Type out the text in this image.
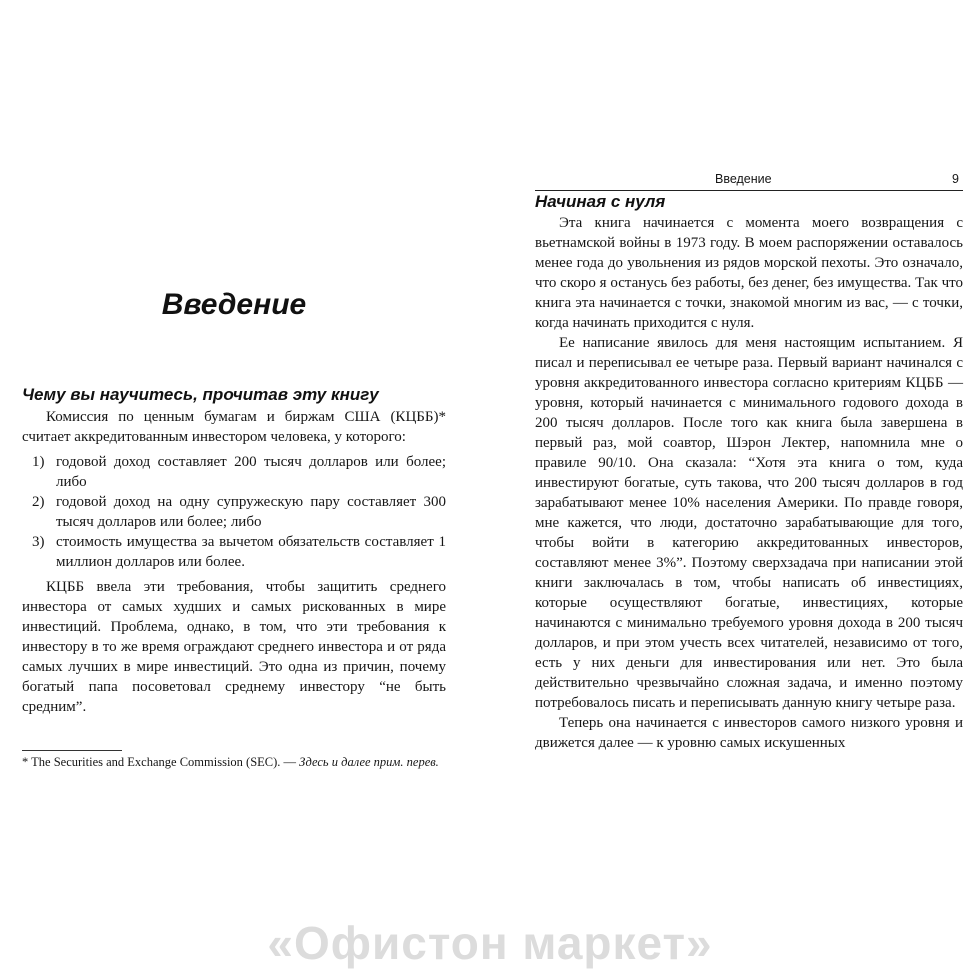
Введение
Чему вы научитесь, прочитав эту книгу

Комиссия по ценным бумагам и биржам США (КЦББ)* считает аккредитованным инвестором человека, у которого:

1) годовой доход составляет 200 тысяч долларов или более; либо
2) годовой доход на одну супружескую пару составляет 300 тысяч долларов или более; либо
3) стоимость имущества за вычетом обязательств составляет 1 миллион долларов или более.

КЦББ ввела эти требования, чтобы защитить среднего инвестора от самых худших и самых рискованных в мире инвестиций. Проблема, однако, в том, что эти требования к инвестору в то же время ограждают среднего инвестора и от ряда самых лучших в мире инвестиций. Это одна из причин, почему богатый папа посоветовал среднему инвестору “не быть средним”.

* The Securities and Exchange Commission (SEC). — Здесь и далее прим. перев.

Введение	9
Начиная с нуля

Эта книга начинается с момента моего возвращения с вьетнамской войны в 1973 году. В моем распоряжении оставалось менее года до увольнения из рядов морской пехоты. Это означало, что скоро я останусь без работы, без денег, без имущества. Так что книга эта начинается с точки, знакомой многим из вас, — с точки, когда начинать приходится с нуля.

Ее написание явилось для меня настоящим испытанием. Я писал и переписывал ее четыре раза. Первый вариант начинался с уровня аккредитованного инвестора согласно критериям КЦББ — уровня, который начинается с минимального годового дохода в 200 тысяч долларов. После того как книга была завершена в первый раз, мой соавтор, Шэрон Лектер, напомнила мне о правиле 90/10. Она сказала: “Хотя эта книга о том, куда инвестируют богатые, суть такова, что 200 тысяч долларов в год зарабатывают менее 10% населения Америки. По правде говоря, мне кажется, что люди, достаточно зарабатывающие для того, чтобы войти в категорию аккредитованных инвесторов, составляют менее 3%”. Поэтому сверхзадача при написании этой книги заключалась в том, чтобы написать об инвестициях, которые осуществляют богатые, инвестициях, которые начинаются с минимально требуемого уровня дохода в 200 тысяч долларов, и при этом учесть всех читателей, независимо от того, есть у них деньги для инвестирования или нет. Это была действительно чрезвычайно сложная задача, и именно поэтому потребовалось писать и переписывать данную книгу четыре раза.

Теперь она начинается с инвесторов самого низкого уровня и движется далее — к уровню самых искушенных

«Офистон маркет»
